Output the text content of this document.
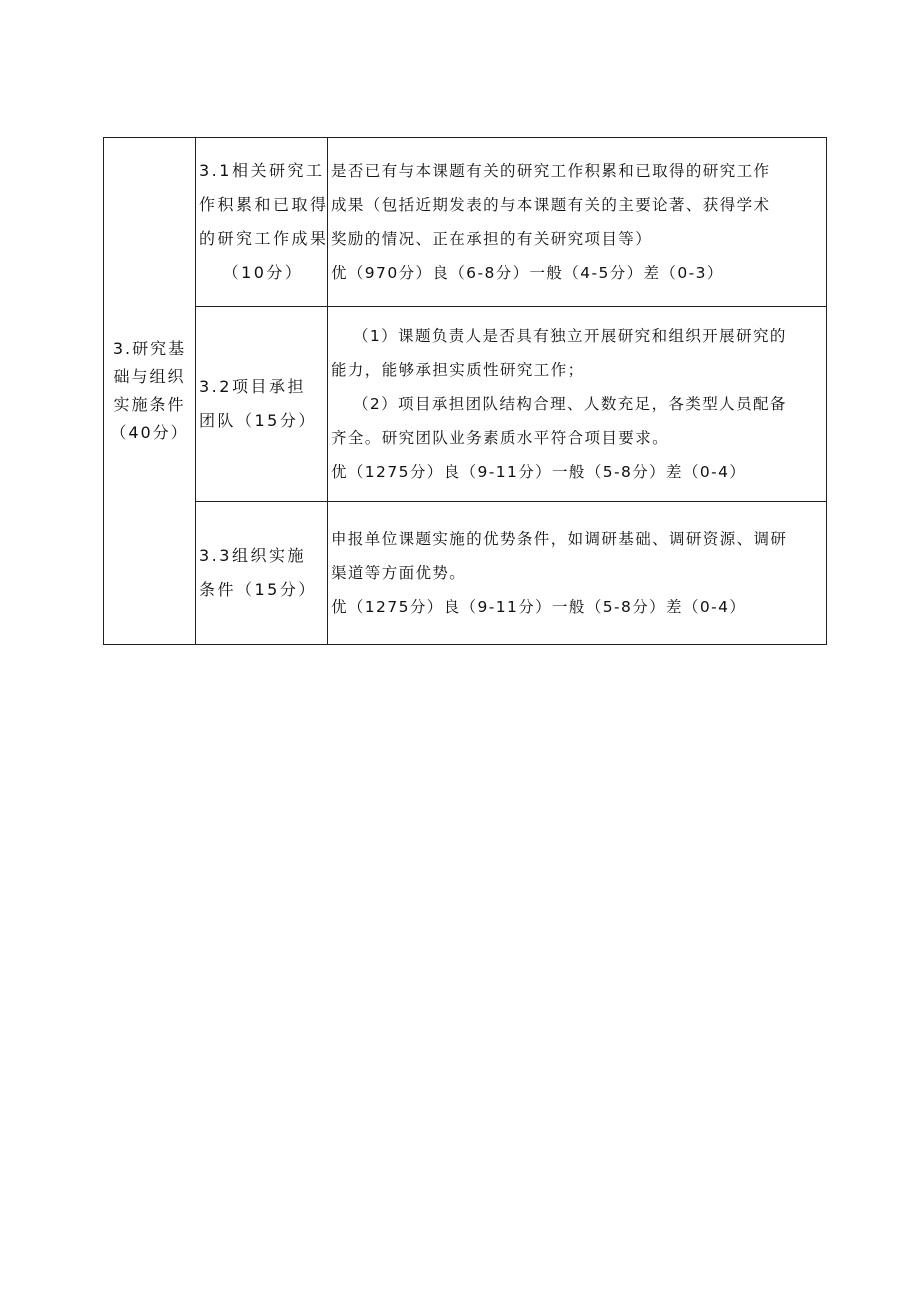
3.研究基
础与组织
实施条件
（40分）	3.1相关研究工
作积累和已取得
的研究工作成果
（10分）	是否已有与本课题有关的研究工作积累和已取得的研究工作
成果（包括近期发表的与本课题有关的主要论著、获得学术
奖励的情况、正在承担的有关研究项目等）
优（970分）良（6-8分）一般（4-5分）差（0-3）

	3.2项目承担
团队（15分）	（1）课题负责人是否具有独立开展研究和组织开展研究的
能力，能够承担实质性研究工作；
（2）项目承担团队结构合理、人数充足，各类型人员配备
齐全。研究团队业务素质水平符合项目要求。
优（1275分）良（9-11分）一般（5-8分）差（0-4）

	3.3组织实施
条件（15分）	申报单位课题实施的优势条件，如调研基础、调研资源、调研
渠道等方面优势。
优（1275分）良（9-11分）一般（5-8分）差（0-4）
